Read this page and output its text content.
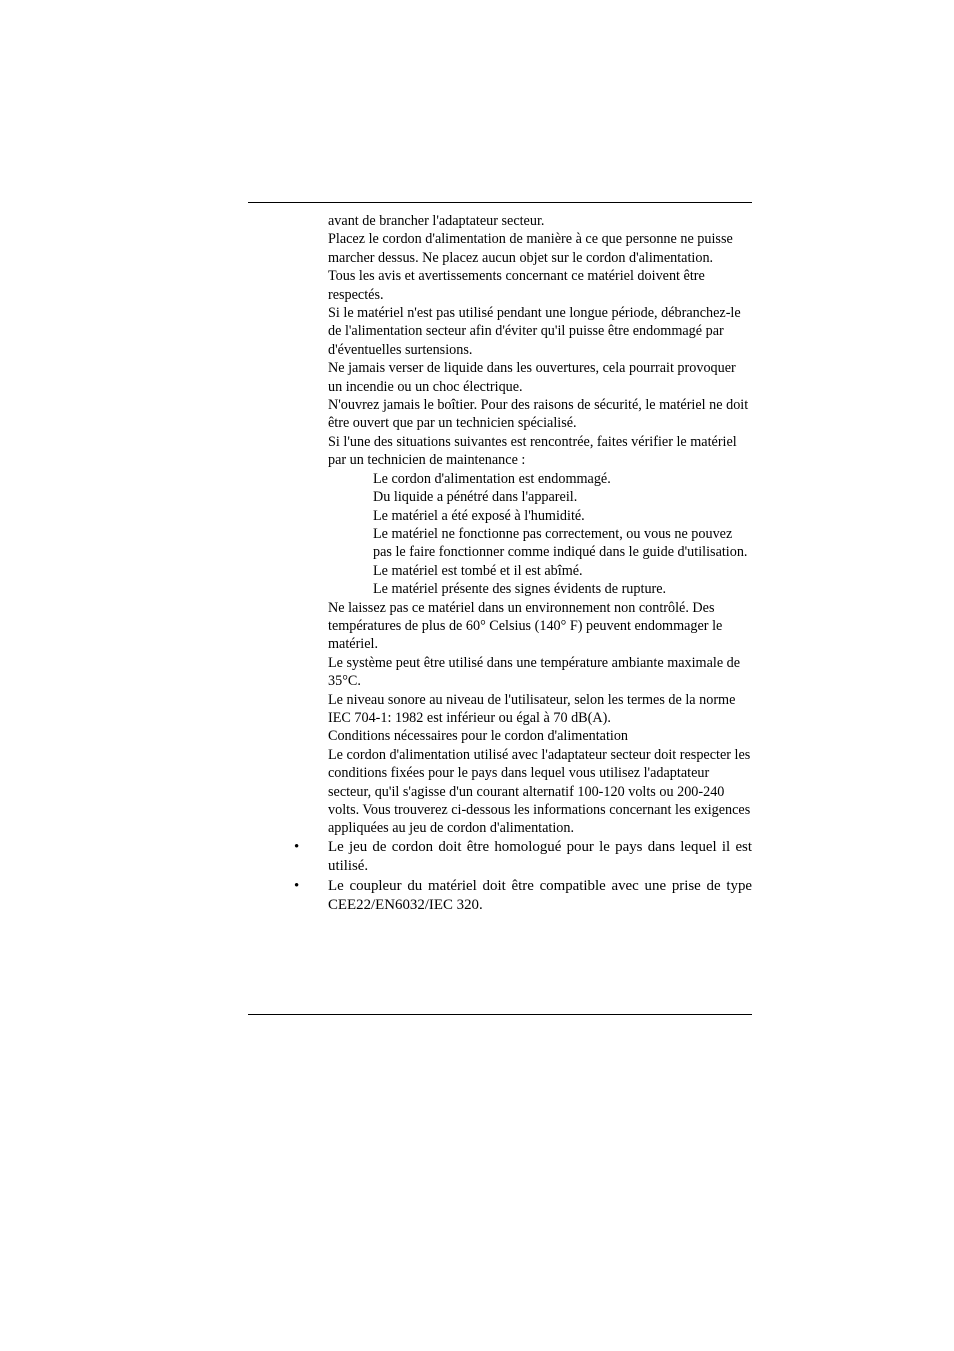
avant de brancher l'adaptateur secteur.

Placez le cordon d'alimentation de manière à ce que personne ne puisse marcher dessus. Ne placez aucun objet sur le cordon d'alimentation.

Tous les avis et avertissements concernant ce matériel doivent être respectés.

Si le matériel n'est pas utilisé pendant une longue période, débranchez-le de l'alimentation secteur afin d'éviter qu'il puisse être endommagé par d'éventuelles surtensions.

Ne jamais verser de liquide dans les ouvertures, cela pourrait provoquer un incendie ou un choc électrique.

N'ouvrez jamais le boîtier. Pour des raisons de sécurité, le matériel ne doit être ouvert que par un technicien spécialisé.

Si l'une des situations suivantes est rencontrée, faites vérifier le matériel par un technicien de maintenance :

Le cordon d'alimentation est endommagé.

Du liquide a pénétré dans l'appareil.

Le matériel a été exposé à l'humidité.

Le matériel ne fonctionne pas correctement, ou vous ne pouvez pas le faire fonctionner comme indiqué dans le guide d'utilisation.

Le matériel est tombé et il est abîmé.

Le matériel présente des signes évidents de rupture.

Ne laissez pas ce matériel dans un environnement non contrôlé. Des températures de plus de 60° Celsius (140° F) peuvent endommager le matériel.

Le système peut être utilisé dans une température ambiante maximale de 35°C.

Le niveau sonore au niveau de l'utilisateur, selon les termes de la norme IEC 704-1: 1982 est inférieur ou égal à 70 dB(A).

Conditions nécessaires pour le cordon d'alimentation

Le cordon d'alimentation utilisé avec l'adaptateur secteur doit respecter les conditions fixées pour le pays dans lequel vous utilisez l'adaptateur secteur, qu'il s'agisse d'un courant alternatif 100-120 volts ou 200-240 volts. Vous trouverez ci-dessous les informations concernant les exigences appliquées au jeu de cordon d'alimentation.

• Le jeu de cordon doit être homologué pour le pays dans lequel il est utilisé.
• Le coupleur du matériel doit être compatible avec une prise de type CEE22/EN6032/IEC 320.
